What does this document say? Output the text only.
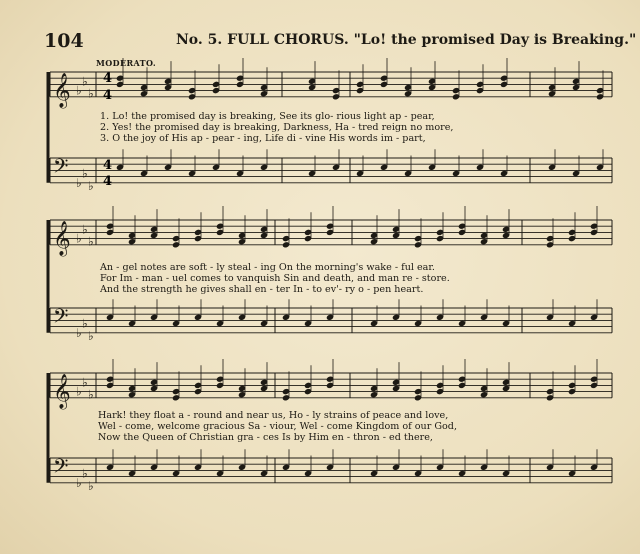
104	No. 5. FULL CHORUS. "Lo! the promised Day is Breaking."
MODERATO.
𝄞
𝄢
♭
♭
♭
♭
♭
♭
𝄞
𝄢
♭
♭
♭
♭
♭
♭
𝄞
𝄢
♭
♭
♭
♭
♭
♭
4
4
4
4
1. Lo! the promised day is breaking, See its glo- rious light ap - pear,
2. Yes! the promised day is breaking, Darkness, Ha - tred reign no more,
3. O the joy of His ap - pear - ing, Life di - vine His words im - part,
An - gel notes are soft - ly steal - ing On the morning's wake - ful ear.
For Im - man - uel comes to vanquish Sin and death, and man re - store.
And the strength he gives shall en - ter In - to ev'- ry o - pen heart.
Hark! they float a - round and near us, Ho - ly strains of peace and love,
Wel - come, welcome gracious Sa - viour, Wel - come Kingdom of our God,
Now the Queen of Christian gra - ces Is by Him en - thron - ed there,
